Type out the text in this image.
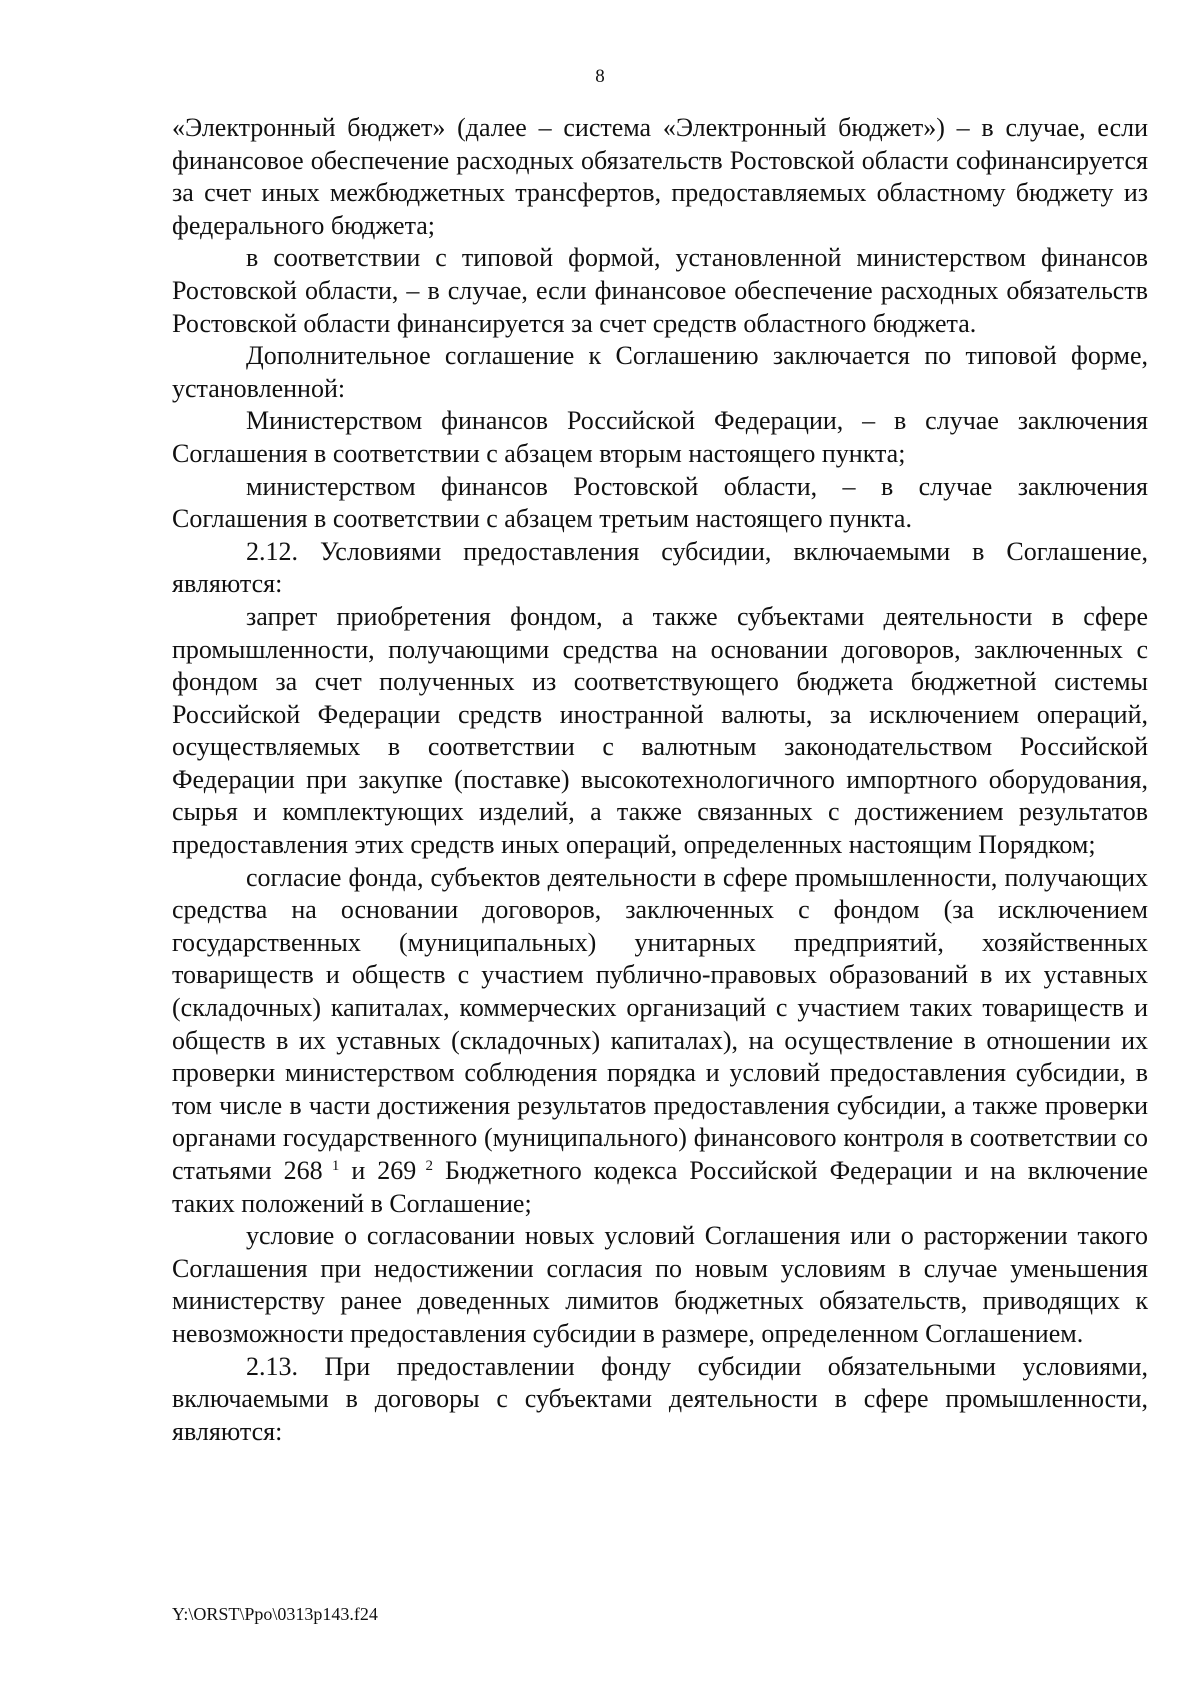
8

«Электронный бюджет» (далее – система «Электронный бюджет») – в случае, если финансовое обеспечение расходных обязательств Ростовской области софинансируется за счет иных межбюджетных трансфертов, предоставляемых областному бюджету из федерального бюджета;

в соответствии с типовой формой, установленной министерством финансов Ростовской области, – в случае, если финансовое обеспечение расходных обязательств Ростовской области финансируется за счет средств областного бюджета.

Дополнительное соглашение к Соглашению заключается по типовой форме, установленной:

Министерством финансов Российской Федерации, – в случае заключения Соглашения в соответствии с абзацем вторым настоящего пункта;

министерством финансов Ростовской области, – в случае заключения Соглашения в соответствии с абзацем третьим настоящего пункта.

2.12. Условиями предоставления субсидии, включаемыми в Соглашение, являются:

запрет приобретения фондом, а также субъектами деятельности в сфере промышленности, получающими средства на основании договоров, заключенных с фондом за счет полученных из соответствующего бюджета бюджетной системы Российской Федерации средств иностранной валюты, за исключением операций, осуществляемых в соответствии с валютным законодательством Российской Федерации при закупке (поставке) высокотехнологичного импортного оборудования, сырья и комплектующих изделий, а также связанных с достижением результатов предоставления этих средств иных операций, определенных настоящим Порядком;

согласие фонда, субъектов деятельности в сфере промышленности, получающих средства на основании договоров, заключенных с фондом (за исключением государственных (муниципальных) унитарных предприятий, хозяйственных товариществ и обществ с участием публично-правовых образований в их уставных (складочных) капиталах, коммерческих организаций с участием таких товариществ и обществ в их уставных (складочных) капиталах), на осуществление в отношении их проверки министерством соблюдения порядка и условий предоставления субсидии, в том числе в части достижения результатов предоставления субсидии, а также проверки органами государственного (муниципального) финансового контроля в соответствии со статьями 268 $^1$ и 269 $^2$ Бюджетного кодекса Российской Федерации и на включение таких положений в Соглашение;

условие о согласовании новых условий Соглашения или о расторжении такого Соглашения при недостижении согласия по новым условиям в случае уменьшения министерству ранее доведенных лимитов бюджетных обязательств, приводящих к невозможности предоставления субсидии в размере, определенном Соглашением.

2.13. При предоставлении фонду субсидии обязательными условиями, включаемыми в договоры с субъектами деятельности в сфере промышленности, являются:

Y:\ORST\Ppo\0313p143.f24
